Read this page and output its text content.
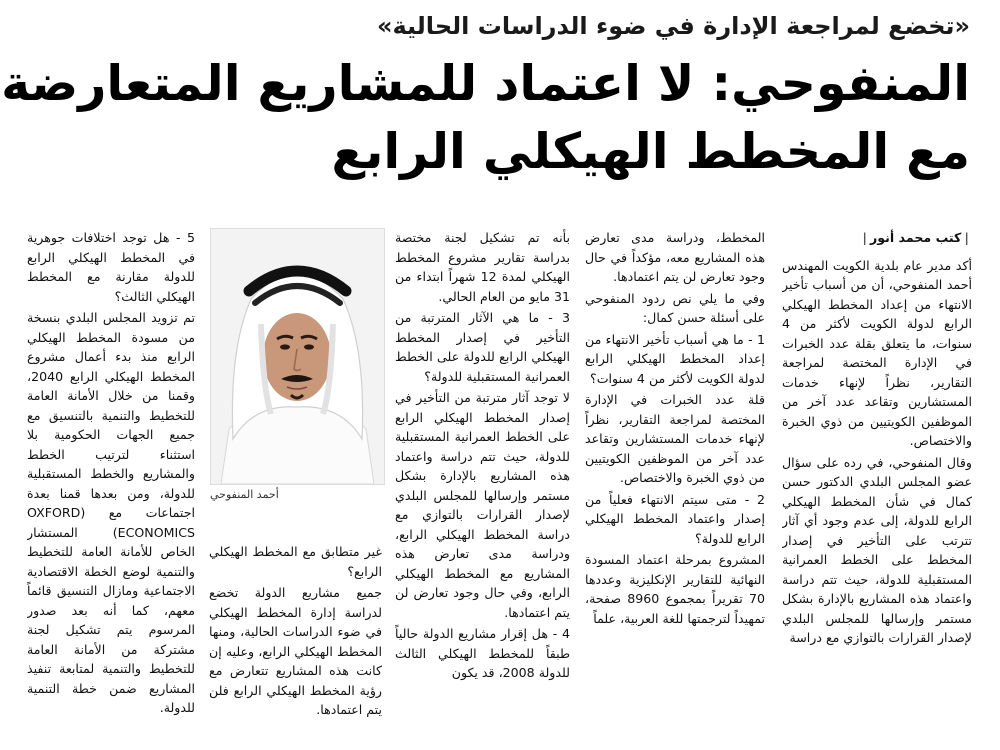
«تخضع لمراجعة الإدارة في ضوء الدراسات الحالية»
المنفوحي: لا اعتماد للمشاريع المتعارضة
مع المخطط الهيكلي الرابع
|كتب محمد أنور|

أكد مدير عام بلدية الكويت المهندس أحمد المنفوحي، أن من أسباب تأخير الانتهاء من إعداد المخطط الهيكلي الرابع لدولة الكويت لأكثر من 4 سنوات، ما يتعلق بقلة عدد الخبرات في الإدارة المختصة لمراجعة التقارير، نظراً لإنهاء خدمات المستشارين وتقاعد عدد آخر من الموظفين الكويتيين من ذوي الخبرة والاختصاص.

وقال المنفوحي، في رده على سؤال عضو المجلس البلدي الدكتور حسن كمال في شأن المخطط الهيكلي الرابع للدولة، إلى عدم وجود أي آثار تترتب على التأخير في إصدار المخطط على الخطط العمرانية المستقبلية للدولة، حيث تتم دراسة واعتماد هذه المشاريع بالإدارة بشكل مستمر وإرسالها للمجلس البلدي لإصدار القرارات بالتوازي مع دراسة

المخطط، ودراسة مدى تعارض هذه المشاريع معه، مؤكداً في حال وجود تعارض لن يتم اعتمادها.

وفي ما يلي نص ردود المنفوحي على أسئلة حسن كمال:

1 - ما هي أسباب تأخير الانتهاء من إعداد المخطط الهيكلي الرابع لدولة الكويت لأكثر من 4 سنوات؟

قلة عدد الخبرات في الإدارة المختصة لمراجعة التقارير، نظراً لإنهاء خدمات المستشارين وتقاعد عدد آخر من الموظفين الكويتيين من ذوي الخبرة والاختصاص.

2 - متى سيتم الانتهاء فعلياً من إصدار واعتماد المخطط الهيكلي الرابع للدولة؟

المشروع بمرحلة اعتماد المسودة النهائية للتقارير الإنكليزية وعددها 70 تقريراً بمجموع 8960 صفحة، تمهيداً لترجمتها للغة العربية، علماً

بأنه تم تشكيل لجنة مختصة بدراسة تقارير مشروع المخطط الهيكلي لمدة 12 شهراً ابتداء من 31 مايو من العام الحالي.

3 - ما هي الآثار المترتبة من التأخير في إصدار المخطط الهيكلي الرابع للدولة على الخطط العمرانية المستقبلية للدولة؟

لا توجد آثار مترتبة من التأخير في إصدار المخطط الهيكلي الرابع على الخطط العمرانية المستقبلية للدولة، حيث تتم دراسة واعتماد هذه المشاريع بالإدارة بشكل مستمر وإرسالها للمجلس البلدي لإصدار القرارات بالتوازي مع دراسة المخطط الهيكلي الرابع، ودراسة مدى تعارض هذه المشاريع مع المخطط الهيكلي الرابع، وفي حال وجود تعارض لن يتم اعتمادها.

4 - هل إقرار مشاريع الدولة حالياً طبقاً للمخطط الهيكلي الثالث للدولة 2008، قد يكون

أحمد المنفوحي

غير متطابق مع المخطط الهيكلي الرابع؟

جميع مشاريع الدولة تخضع لدراسة إدارة المخطط الهيكلي في ضوء الدراسات الحالية، ومنها المخطط الهيكلي الرابع، وعليه إن كانت هذه المشاريع تتعارض مع رؤية المخطط الهيكلي الرابع فلن يتم اعتمادها.

5 - هل توجد اختلافات جوهرية في المخطط الهيكلي الرابع للدولة مقارنة مع المخطط الهيكلي الثالث؟

تم تزويد المجلس البلدي بنسخة من مسودة المخطط الهيكلي الرابع منذ بدء أعمال مشروع المخطط الهيكلي الرابع 2040، وقمنا من خلال الأمانة العامة للتخطيط والتنمية بالتنسيق مع جميع الجهات الحكومية بلا استثناء لترتيب الخطط والمشاريع والخطط المستقبلية للدولة، ومن بعدها قمنا بعدة اجتماعات مع (OXFORD ECONOMICS) المستشار الخاص للأمانة العامة للتخطيط والتنمية لوضع الخطة الاقتصادية الاجتماعية ومازال التنسيق قائماً معهم، كما أنه بعد صدور المرسوم يتم تشكيل لجنة مشتركة من الأمانة العامة للتخطيط والتنمية لمتابعة تنفيذ المشاريع ضمن خطة التنمية للدولة.
